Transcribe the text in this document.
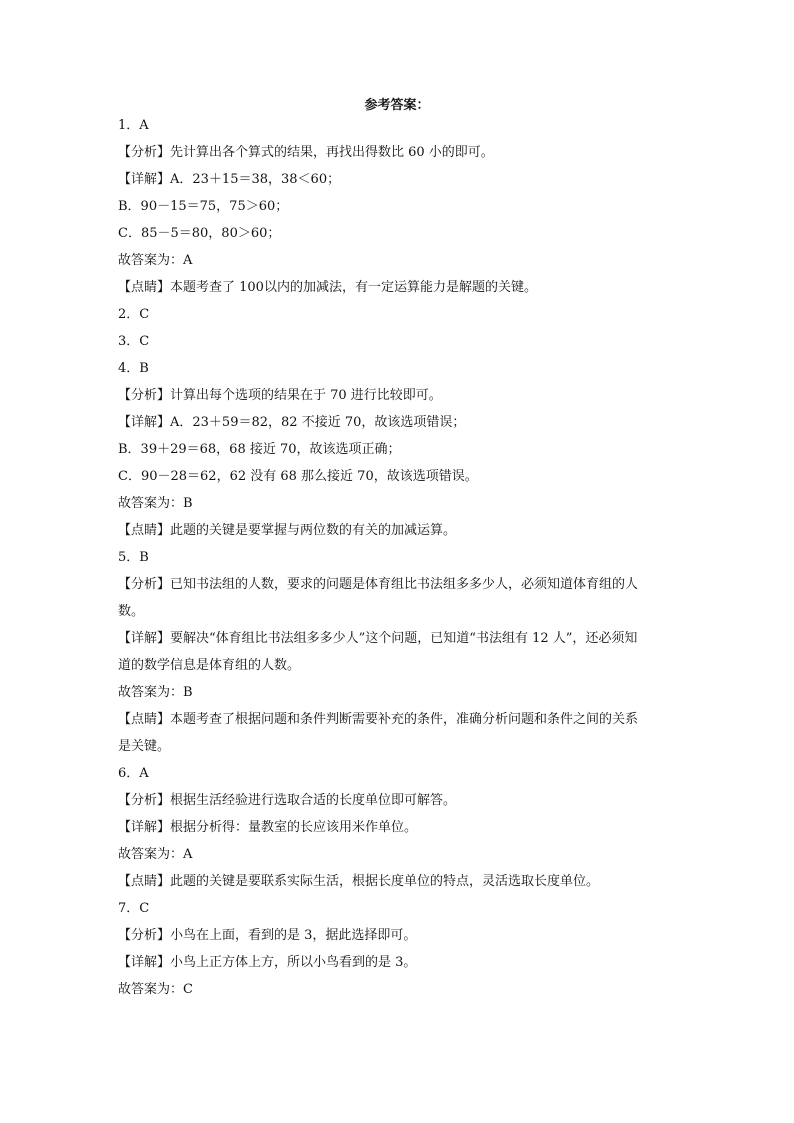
参考答案：
1．A
【分析】先计算出各个算式的结果，再找出得数比 60 小的即可。
【详解】A．23＋15＝38，38＜60；
B．90－15＝75，75＞60；
C．85－5＝80，80＞60；
故答案为：A
【点睛】本题考查了 100以内的加减法，有一定运算能力是解题的关键。
2．C
3．C
4．B
【分析】计算出每个选项的结果在于 70 进行比较即可。
【详解】A．23＋59＝82，82 不接近 70，故该选项错误；
B．39＋29＝68，68 接近 70，故该选项正确；
C．90－28＝62，62 没有 68 那么接近 70，故该选项错误。
故答案为：B
【点睛】此题的关键是要掌握与两位数的有关的加减运算。
5．B
【分析】已知书法组的人数，要求的问题是体育组比书法组多多少人，必须知道体育组的人
数。
【详解】要解决“体育组比书法组多多少人”这个问题，已知道“书法组有 12 人”，还必须知
道的数学信息是体育组的人数。
故答案为：B
【点睛】本题考查了根据问题和条件判断需要补充的条件，准确分析问题和条件之间的关系
是关键。
6．A
【分析】根据生活经验进行选取合适的长度单位即可解答。
【详解】根据分析得：量教室的长应该用米作单位。
故答案为：A
【点睛】此题的关键是要联系实际生活，根据长度单位的特点，灵活选取长度单位。
7．C
【分析】小鸟在上面，看到的是 3，据此选择即可。
【详解】小鸟上正方体上方，所以小鸟看到的是 3。
故答案为：C
